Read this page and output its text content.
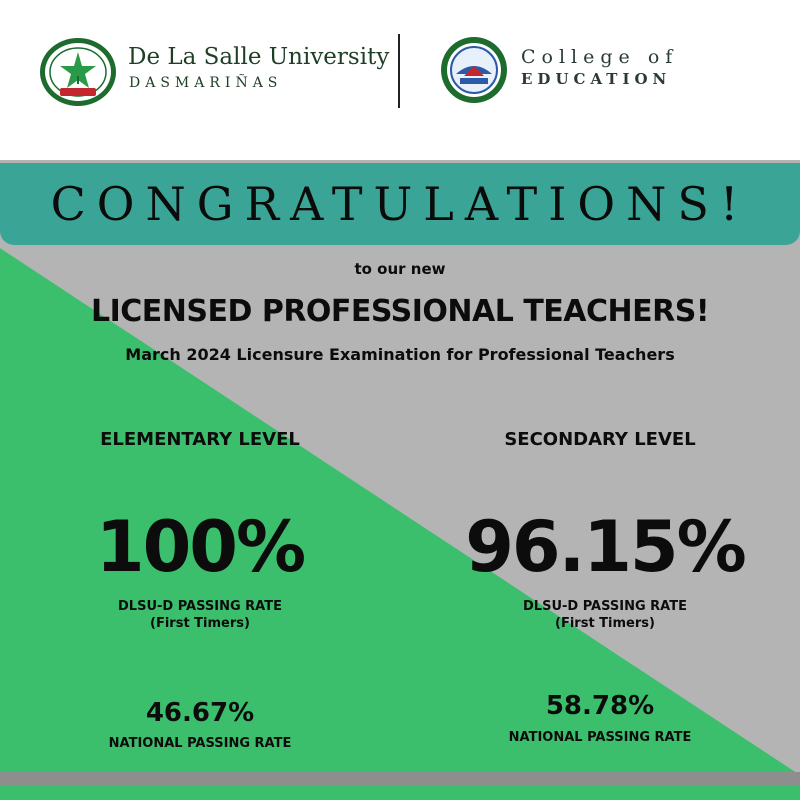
De La Salle University
DASMARIÑAS
College of
EDUCATION
CONGRATULATIONS!
to our new
LICENSED PROFESSIONAL TEACHERS!
March 2024 Licensure Examination for Professional Teachers
ELEMENTARY LEVEL
100%
DLSU-D PASSING RATE
(First Timers)
46.67%
NATIONAL PASSING RATE
SECONDARY LEVEL
96.15%
DLSU-D PASSING RATE
(First Timers)
58.78%
NATIONAL PASSING RATE
